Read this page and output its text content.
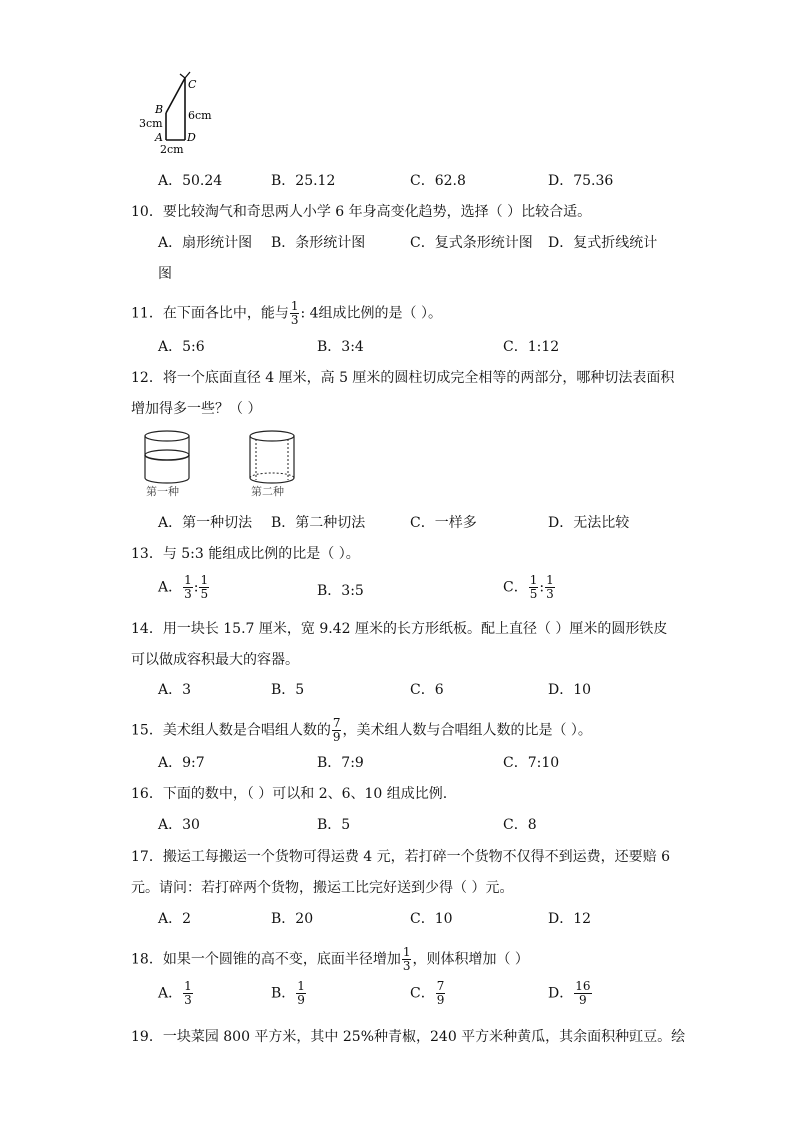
C
B
A D
3cm
6cm
2cm
A．50.24	B．25.12	C．62.8	D．75.36
10．要比较淘气和奇思两人小学 6 年身高变化趋势，选择（ ）比较合适。
A．扇形统计图 B．条形统计图	C．复式条形统计图 D．复式折线统计
图
11．在下面各比中，能与 $\frac{1}{3}$ : 4组成比例的是（ ）。
A．5:6	B．3:4	C．1:12
12．将一个底面直径 4 厘米，高 5 厘米的圆柱切成完全相等的两部分，哪种切法表面积
增加得多一些？（ ）
第一种	第二种
A．第一种切法 B．第二种切法	C．一样多	D．无法比较
13．与 5:3 能组成比例的比是（ ）。
A． $\frac{1}{3}$ : $\frac{1}{5}$	B．3:5	C． $\frac{1}{5}$ : $\frac{1}{3}$
14．用一块长 15.7 厘米，宽 9.42 厘米的长方形纸板。配上直径（ ）厘米的圆形铁皮
可以做成容积最大的容器。
A．3	B．5	C．6	D．10
15．美术组人数是合唱组人数的 $\frac{7}{9}$ ，美术组人数与合唱组人数的比是（ ）。
A．9:7	B．7:9	C．7:10
16．下面的数中，（ ）可以和 2、6、10 组成比例.
A．30	B．5	C．8
17．搬运工每搬运一个货物可得运费 4 元，若打碎一个货物不仅得不到运费，还要赔 6
元。请问：若打碎两个货物，搬运工比完好送到少得（ ）元。
A．2	B．20	C．10	D．12
18．如果一个圆锥的高不变，底面半径增加 $\frac{1}{3}$ ，则体积增加（ ）
A． $\frac{1}{3}$	B． $\frac{1}{9}$	C． $\frac{7}{9}$	D． $\frac{16}{9}$
19．一块菜园 800 平方米，其中 25%种青椒，240 平方米种黄瓜，其余面积种豇豆。绘
